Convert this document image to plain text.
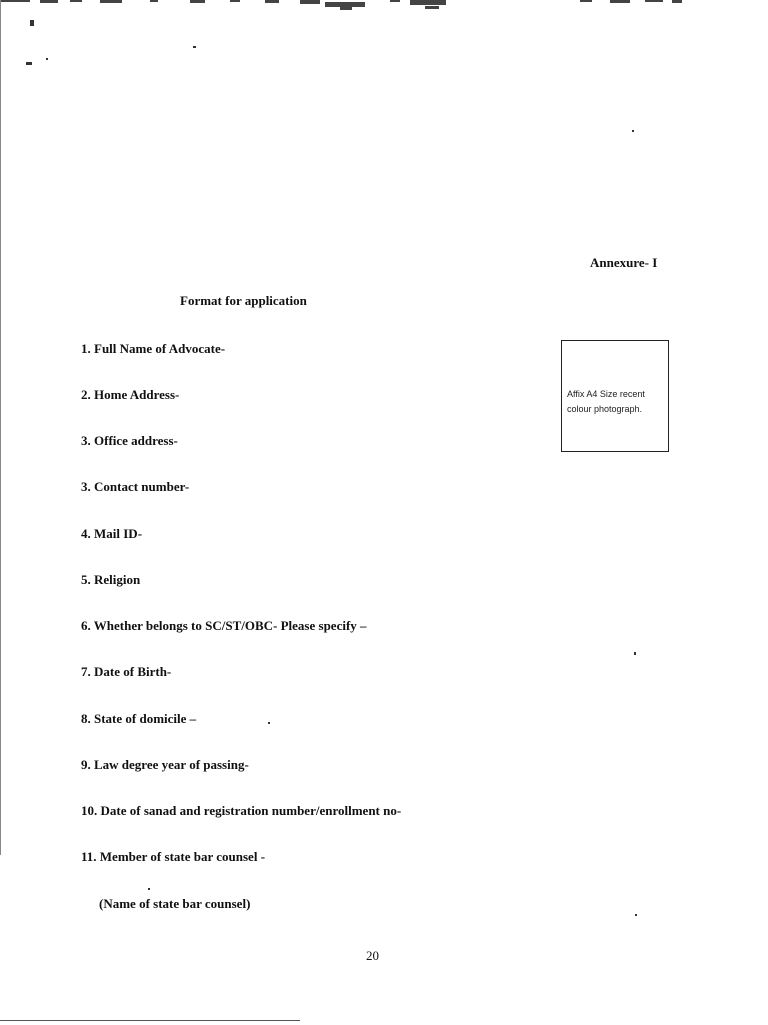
Annexure- I
Format for application
1. Full Name of Advocate-
2. Home Address-
3. Office address-
3. Contact number-
4. Mail ID-
5. Religion
6. Whether belongs to SC/ST/OBC- Please specify –
7. Date of Birth-
8. State of domicile –
9. Law degree year of passing-
10. Date of sanad and registration number/enrollment no-
11. Member of state bar counsel -
(Name of state bar counsel)
Affix A4 Size recent
colour photograph.
20
